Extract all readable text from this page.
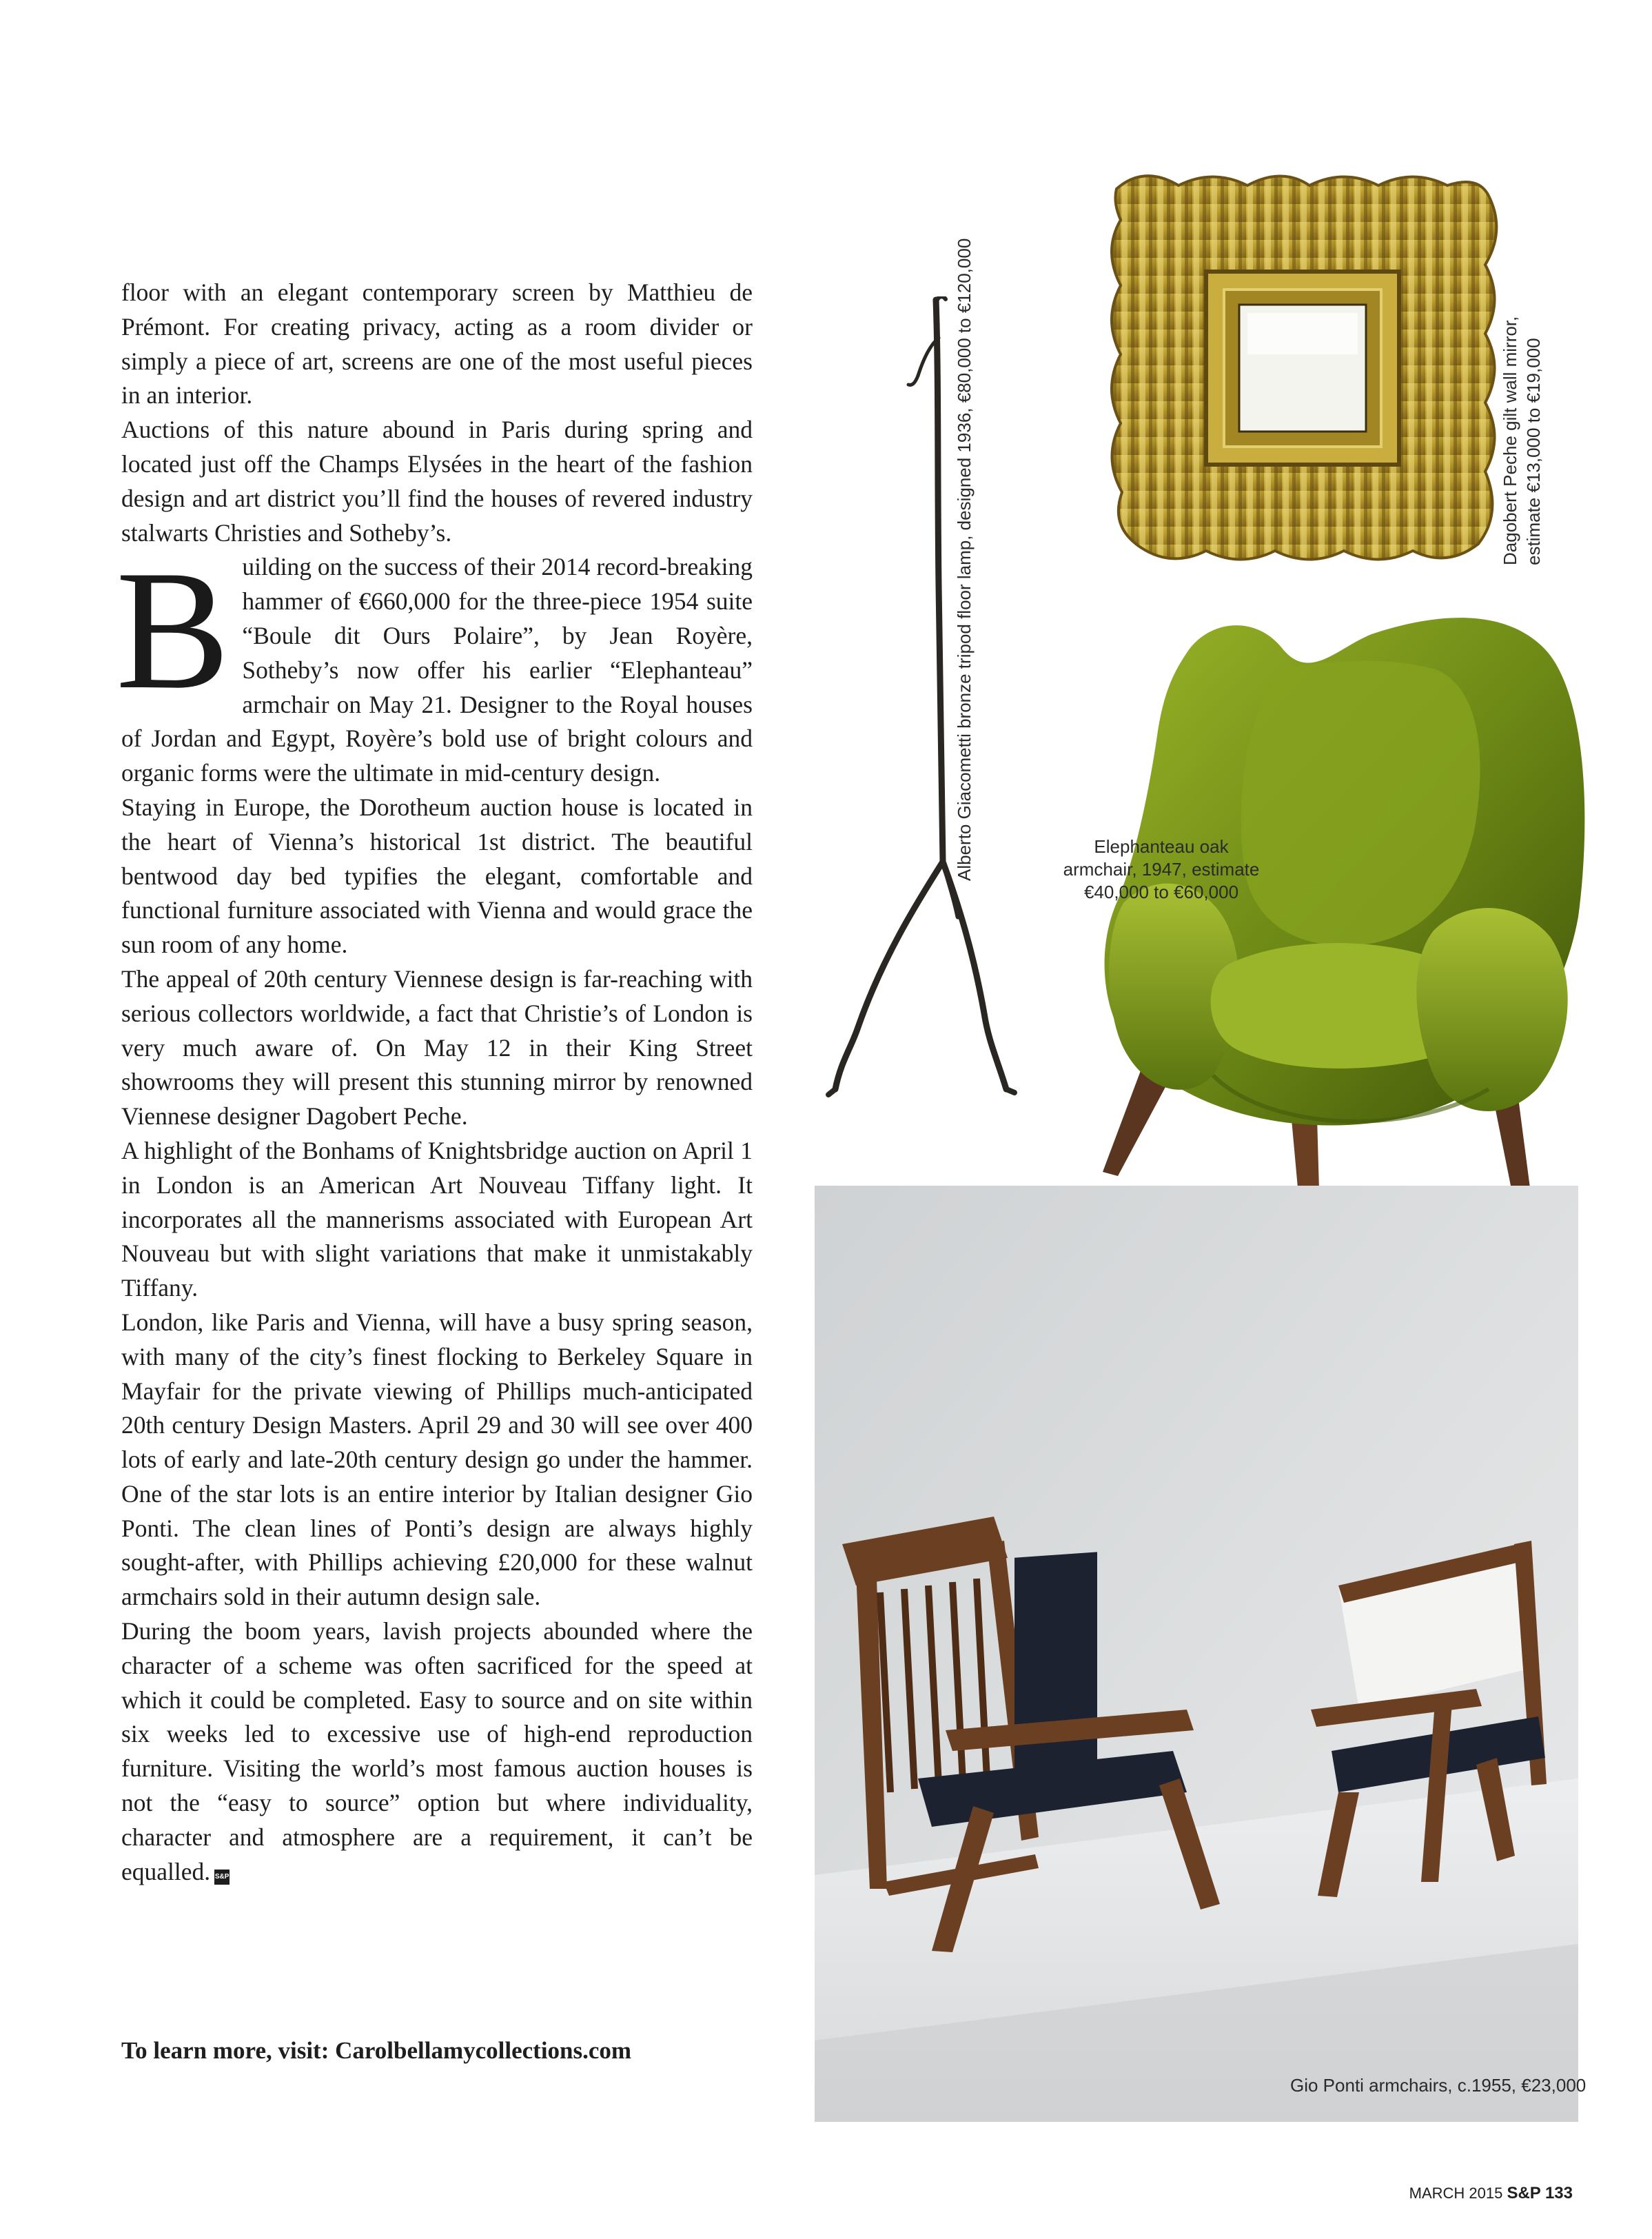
floor with an elegant contemporary screen by Matthieu de Prémont. For creating privacy, acting as a room divider or simply a piece of art, screens are one of the most useful pieces in an interior.

Auctions of this nature abound in Paris during spring and located just off the Champs Elysées in the heart of the fashion design and art district you’ll find the houses of revered industry stalwarts Christies and Sotheby’s.

Building on the success of their 2014 record-breaking hammer of €660,000 for the three-piece 1954 suite “Boule dit Ours Polaire”, by Jean Royère, Sotheby’s now offer his earlier “Elephanteau” armchair on May 21. Designer to the Royal houses of Jordan and Egypt, Royère’s bold use of bright colours and organic forms were the ultimate in mid-century design.

Staying in Europe, the Dorotheum auction house is located in the heart of Vienna’s historical 1st district. The beautiful bentwood day bed typifies the elegant, comfortable and functional furniture associated with Vienna and would grace the sun room of any home.

The appeal of 20th century Viennese design is far-reaching with serious collectors worldwide, a fact that Christie’s of London is very much aware of. On May 12 in their King Street showrooms they will present this stunning mirror by renowned Viennese designer Dagobert Peche.

A highlight of the Bonhams of Knightsbridge auction on April 1 in London is an American Art Nouveau Tiffany light. It incorporates all the mannerisms associated with European Art Nouveau but with slight variations that make it unmistakably Tiffany.

London, like Paris and Vienna, will have a busy spring season, with many of the city’s finest flocking to Berkeley Square in Mayfair for the private viewing of Phillips much-anticipated 20th century Design Masters. April 29 and 30 will see over 400 lots of early and late-20th century design go under the hammer. One of the star lots is an entire interior by Italian designer Gio Ponti. The clean lines of Ponti’s design are always highly sought-after, with Phillips achieving £20,000 for these walnut armchairs sold in their autumn design sale.

During the boom years, lavish projects abounded where the character of a scheme was often sacrificed for the speed at which it could be completed. Easy to source and on site within six weeks led to excessive use of high-end reproduction furniture. Visiting the world’s most famous auction houses is not the “easy to source” option but where individuality, character and atmosphere are a requirement, it can’t be equalled. S&P

To learn more, visit: Carolbellamycollections.com
Alberto Giacometti bronze tripod floor lamp, designed 1936, €80,000 to €120,000	Dagobert Peche gilt wall mirror, estimate €13,000 to €19,000
Elephanteau oak
armchair, 1947, estimate
€40,000 to €60,000
Gio Ponti armchairs, c.1955, €23,000
MARCH 2015 S&P 133
